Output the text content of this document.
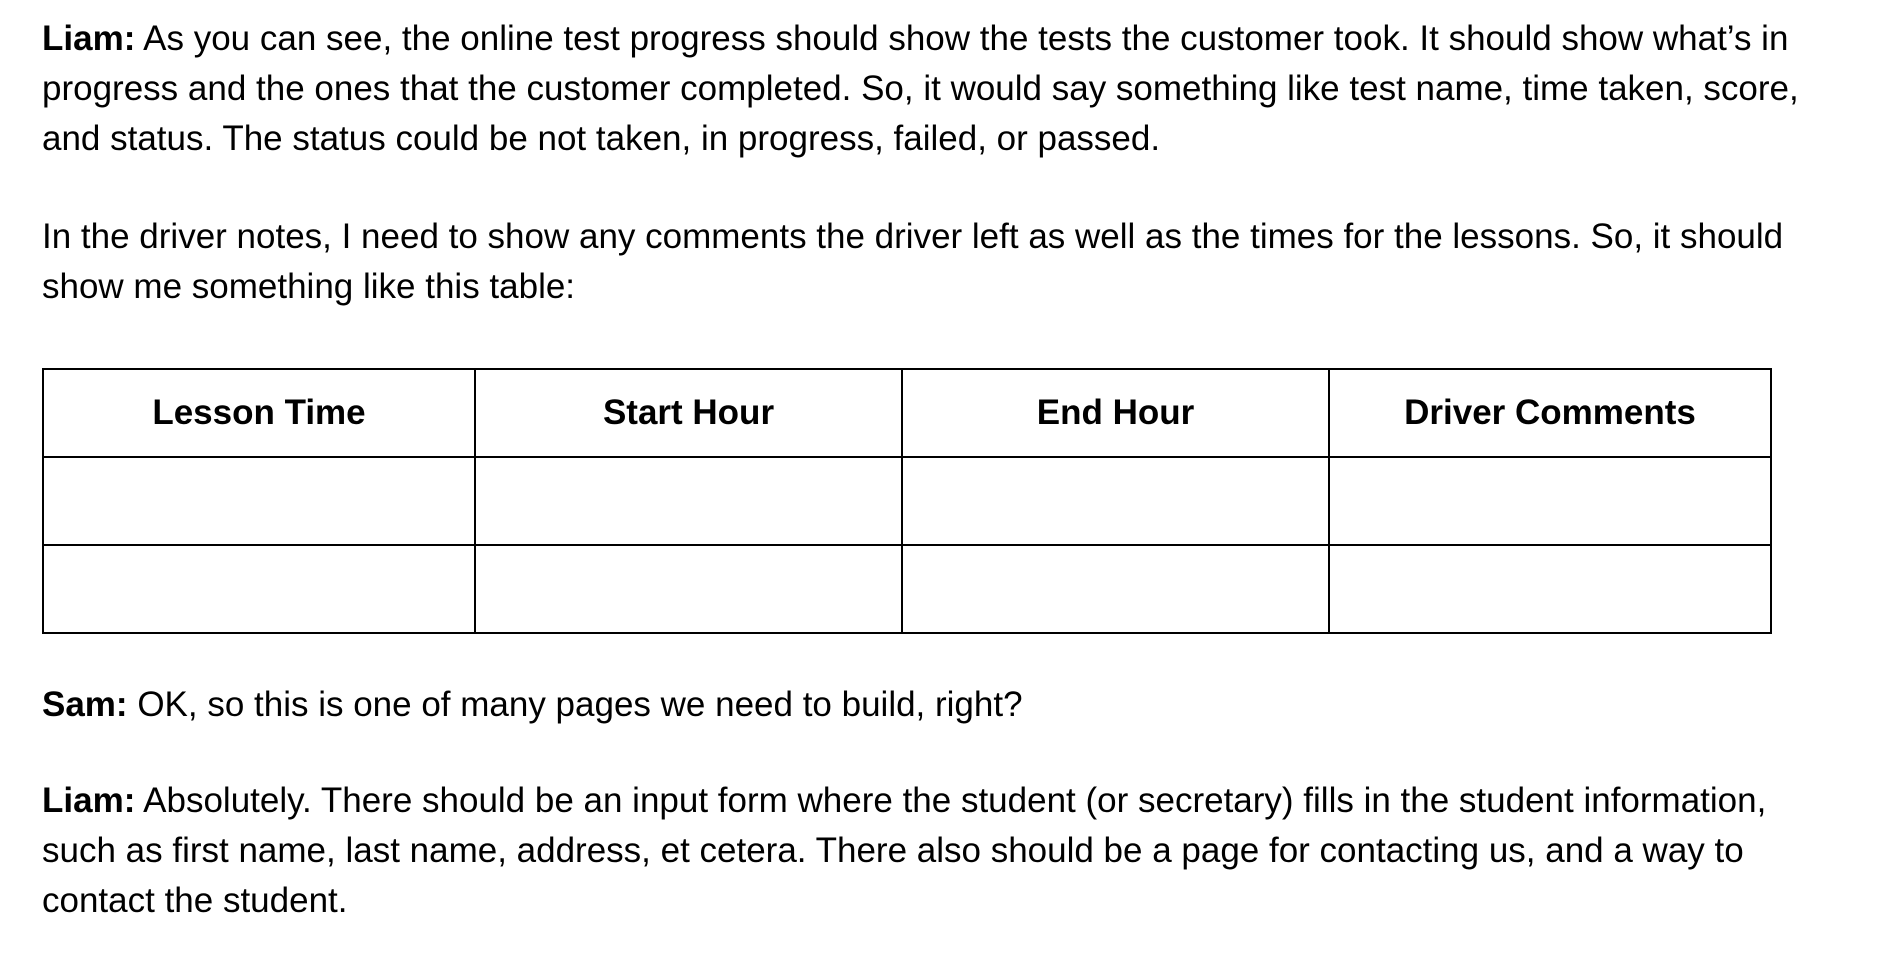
Liam: As you can see, the online test progress should show the tests the customer took. It should show what’s in progress and the ones that the customer completed. So, it would say something like test name, time taken, score, and status. The status could be not taken, in progress, failed, or passed.

In the driver notes, I need to show any comments the driver left as well as the times for the lessons. So, it should show me something like this table:

Lesson Time	Start Hour	End Hour	Driver Comments

Sam: OK, so this is one of many pages we need to build, right?

Liam: Absolutely. There should be an input form where the student (or secretary) fills in the student information, such as first name, last name, address, et cetera. There also should be a page for contacting us, and a way to contact the student.
